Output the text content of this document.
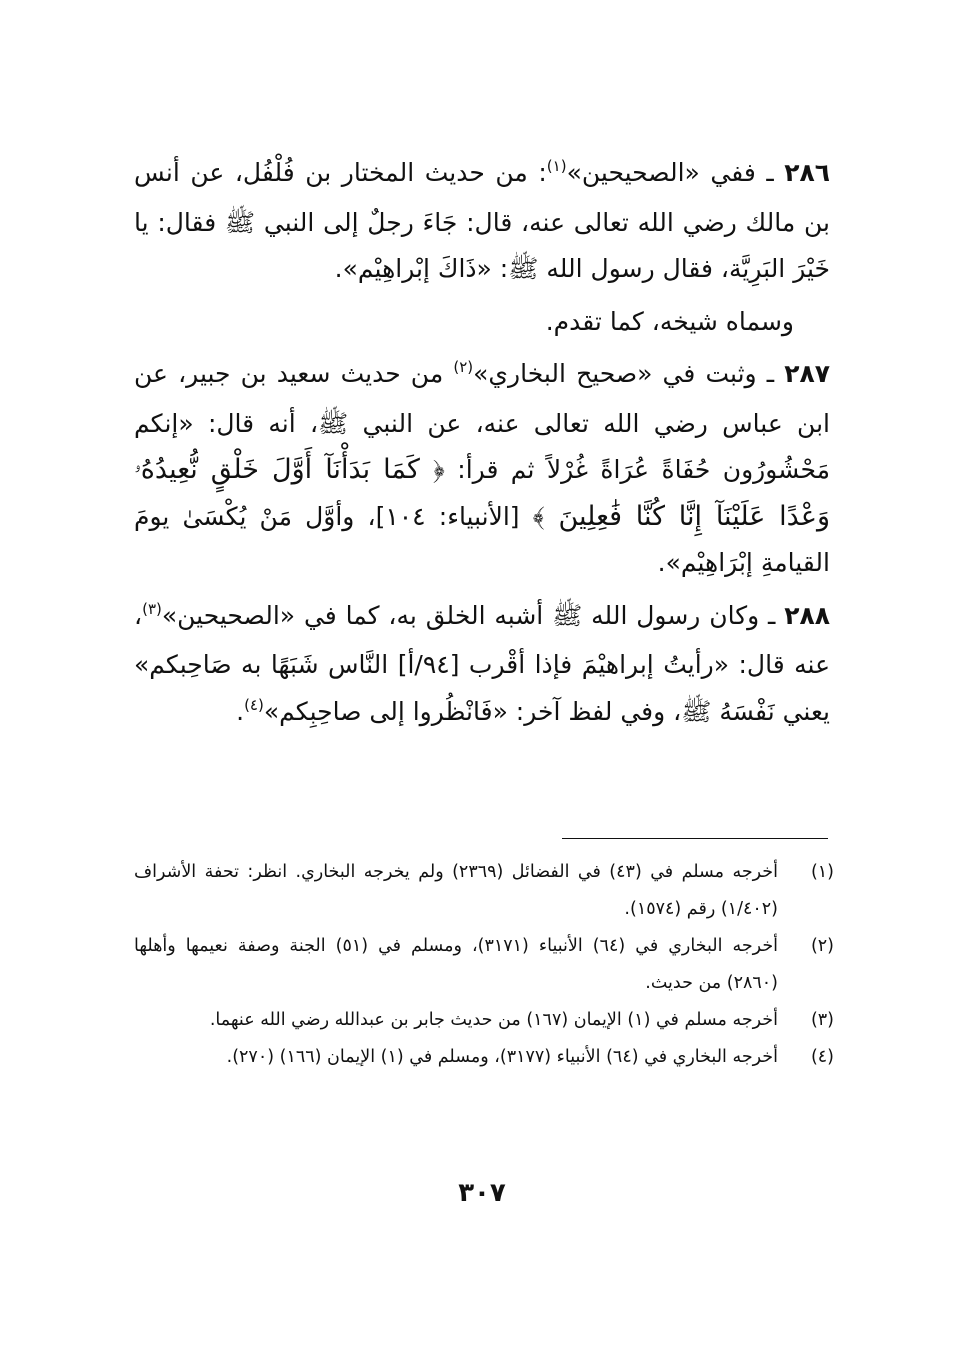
٢٨٦ ـ ففي «الصحيحين»$^{(١)}$: من حديث المختار بن فُلْفُل، عن أنس بن مالك رضي الله تعالى عنه، قال: جَاءَ رجلٌ إلى النبي ﷺ فقال: يا خَيْرَ البَرِيَّة، فقال رسول الله ﷺ: «ذَاكَ إبْراهِيْم».

وسماه شيخه، كما تقدم.

٢٨٧ ـ وثبت في «صحيح البخاري»$^{(٢)}$ من حديث سعيد بن جبير، عن ابن عباس رضي الله تعالى عنه، عن النبي ﷺ، أنه قال: «إنكم مَحْشُورُون حُفَاةً عُرَاةً غُرْلاً ثم قرأ: ﴿ كَمَا بَدَأْنَآ أَوَّلَ خَلْقٍ نُّعِيدُهُۥ وَعْدًا عَلَيْنَآ إِنَّا كُنَّا فَٰعِلِينَ ﴾ [الأنبياء: ١٠٤]، وأوَّل مَنْ يُكْسَىٰ يومَ القيامةِ إبْرَاهِيْم».

٢٨٨ ـ وكان رسول الله ﷺ أشبه الخلق به، كما في «الصحيحين»$^{(٣)}$، عنه قال: «رأيتُ إبراهيْمَ فإذا أقْرب [٩٤/أ] النَّاس شَبَهًا به صَاحِبكم» يعني نَفْسَهُ ﷺ، وفي لفظ آخر: «فَانْظُروا إلى صاحِبِكم»$^{(٤)}$.

(١)
أخرجه مسلم في (٤٣) في الفضائل (٢٣٦٩) ولم يخرجه البخاري. انظر: تحفة الأشراف (١/٤٠٢) رقم (١٥٧٤).
(٢)
أخرجه البخاري في (٦٤) الأنبياء (٣١٧١)، ومسلم في (٥١) الجنة وصفة نعيمها وأهلها (٢٨٦٠) من حديث.
(٣)
أخرجه مسلم في (١) الإيمان (١٦٧) من حديث جابر بن عبدالله رضي الله عنهما.
(٤)
أخرجه البخاري في (٦٤) الأنبياء (٣١٧٧)، ومسلم في (١) الإيمان (١٦٦) (٢٧٠).
٣٠٧
